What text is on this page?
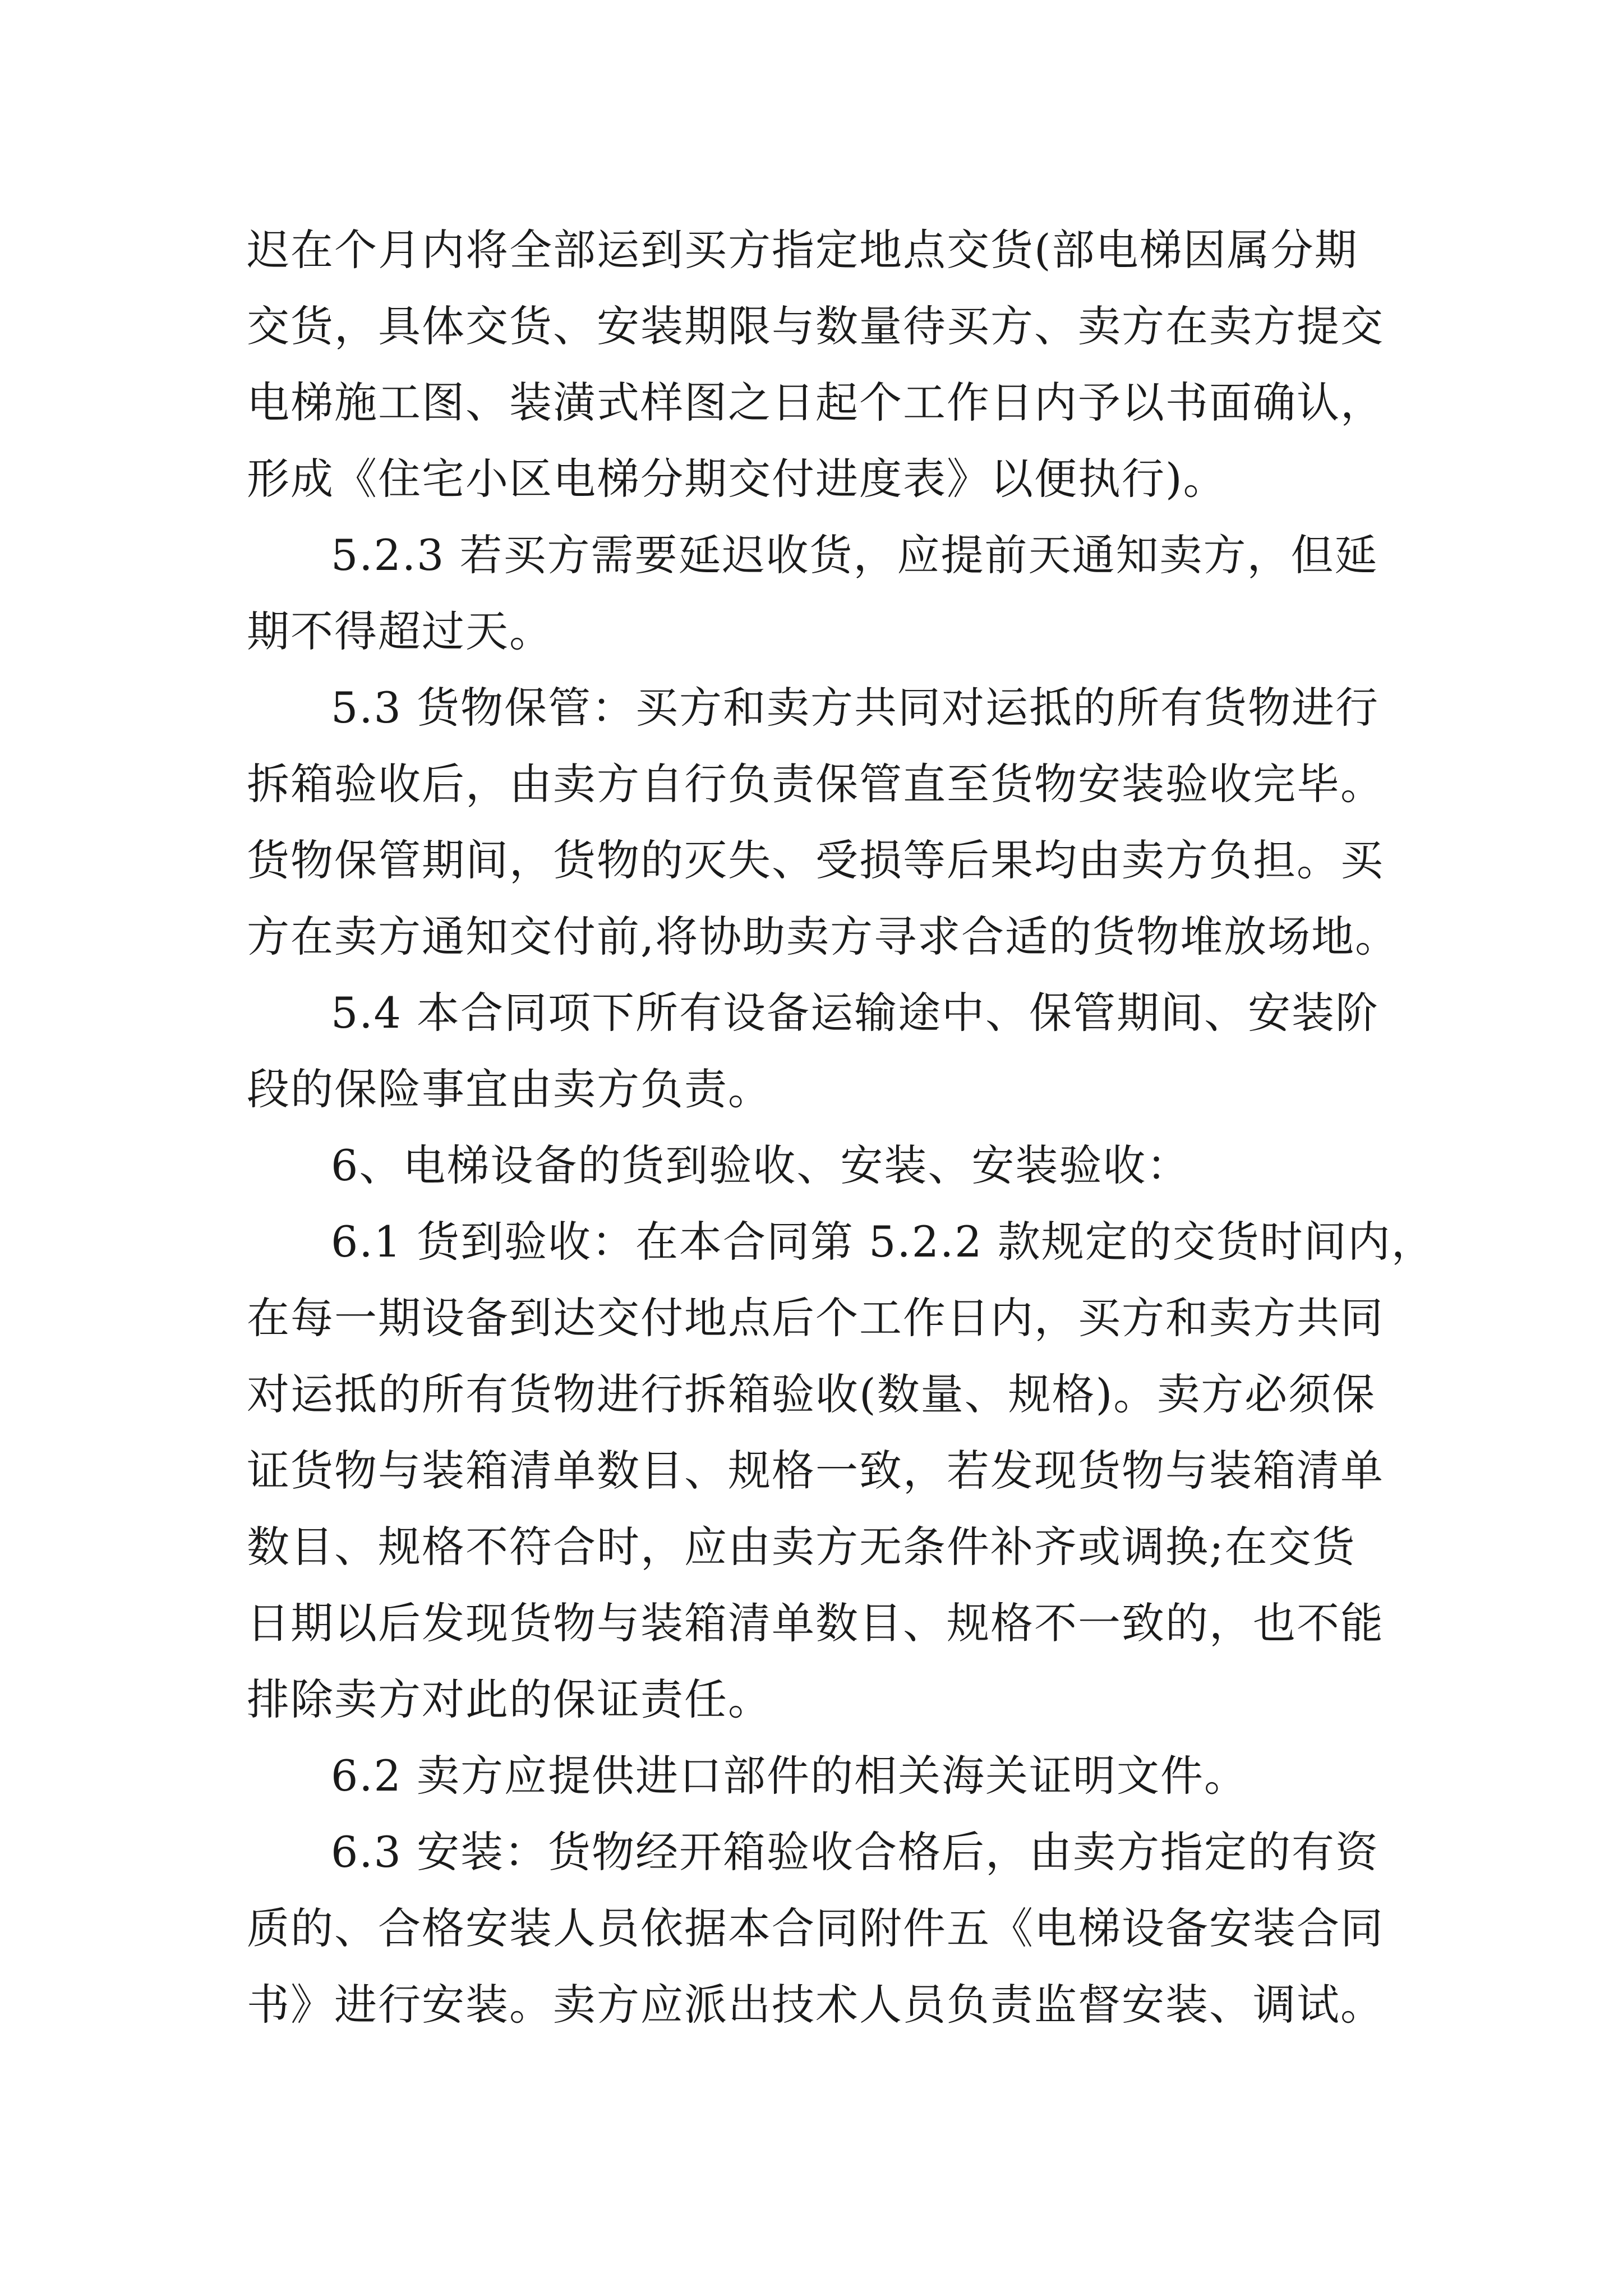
迟在个月内将全部运到买方指定地点交货(部电梯因属分期
交货，具体交货、安装期限与数量待买方、卖方在卖方提交
电梯施工图、装潢式样图之日起个工作日内予以书面确认，
形成《住宅小区电梯分期交付进度表》以便执行)。
5.2.3 若买方需要延迟收货，应提前天通知卖方，但延
期不得超过天。
5.3 货物保管：买方和卖方共同对运抵的所有货物进行
拆箱验收后，由卖方自行负责保管直至货物安装验收完毕。
货物保管期间，货物的灭失、受损等后果均由卖方负担。买
方在卖方通知交付前,将协助卖方寻求合适的货物堆放场地。
5.4 本合同项下所有设备运输途中、保管期间、安装阶
段的保险事宜由卖方负责。
6、电梯设备的货到验收、安装、安装验收：
6.1 货到验收：在本合同第 5.2.2 款规定的交货时间内，
在每一期设备到达交付地点后个工作日内，买方和卖方共同
对运抵的所有货物进行拆箱验收(数量、规格)。卖方必须保
证货物与装箱清单数目、规格一致，若发现货物与装箱清单
数目、规格不符合时，应由卖方无条件补齐或调换;在交货
日期以后发现货物与装箱清单数目、规格不一致的，也不能
排除卖方对此的保证责任。
6.2 卖方应提供进口部件的相关海关证明文件。
6.3 安装：货物经开箱验收合格后，由卖方指定的有资
质的、合格安装人员依据本合同附件五《电梯设备安装合同
书》进行安装。卖方应派出技术人员负责监督安装、调试。
